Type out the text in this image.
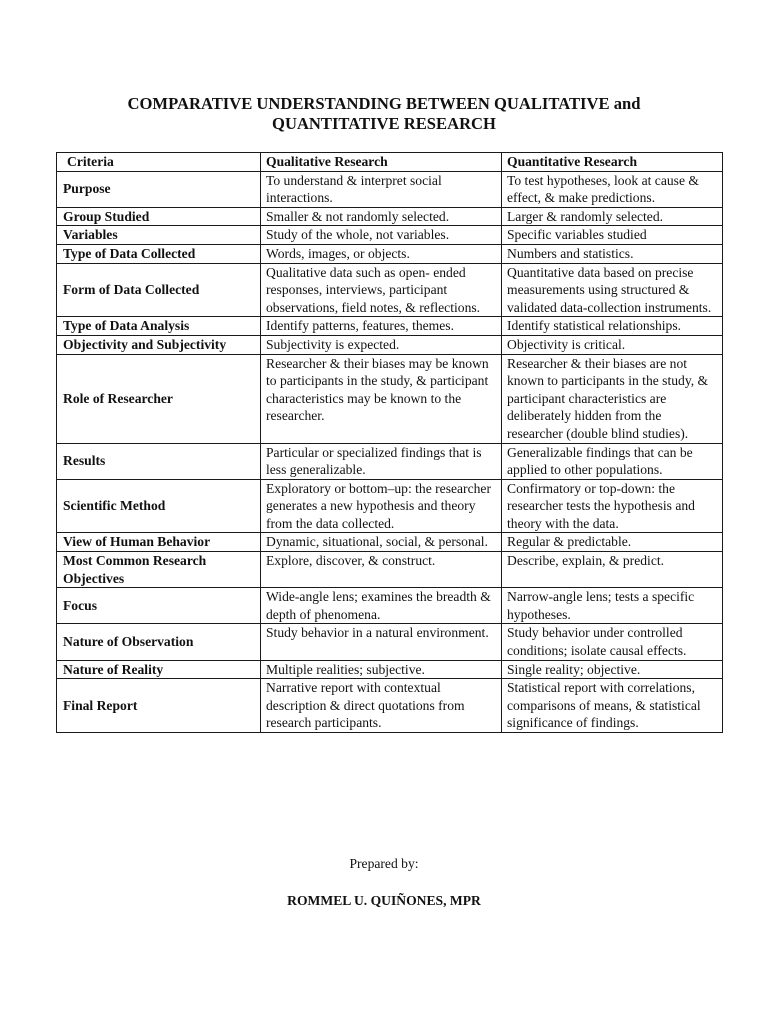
COMPARATIVE UNDERSTANDING BETWEEN QUALITATIVE and
QUANTITATIVE RESEARCH
Criteria	Qualitative Research	Quantitative Research
Purpose	To understand & interpret social interactions.	To test hypotheses, look at cause & effect, & make predictions.
Group Studied	Smaller & not randomly selected.	Larger & randomly selected.
Variables	Study of the whole, not variables.	Specific variables studied
Type of Data Collected	Words, images, or objects.	Numbers and statistics.
Form of Data Collected	Qualitative data such as open- ended responses, interviews, participant observations, field notes, & reflections.	Quantitative data based on precise measurements using structured & validated data-collection instruments.
Type of Data Analysis	Identify patterns, features, themes.	Identify statistical relationships.
Objectivity and Subjectivity	Subjectivity is expected.	Objectivity is critical.
Role of Researcher	Researcher & their biases may be known to participants in the study, & participant characteristics may be known to the researcher.	Researcher & their biases are not known to participants in the study, & participant characteristics are deliberately hidden from the researcher (double blind studies).
Results	Particular or specialized findings that is less generalizable.	Generalizable findings that can be applied to other populations.
Scientific Method	Exploratory or bottom–up: the researcher generates a new hypothesis and theory from the data collected.	Confirmatory or top-down: the researcher tests the hypothesis and theory with the data.
View of Human Behavior	Dynamic, situational, social, & personal.	Regular & predictable.
Most Common Research Objectives	Explore, discover, & construct.	Describe, explain, & predict.
Focus	Wide-angle lens; examines the breadth & depth of phenomena.	Narrow-angle lens; tests a specific hypotheses.
Nature of Observation	Study behavior in a natural environment.	Study behavior under controlled conditions; isolate causal effects.
Nature of Reality	Multiple realities; subjective.	Single reality; objective.
Final Report	Narrative report with contextual description & direct quotations from research participants.	Statistical report with correlations, comparisons of means, & statistical significance of findings.
Prepared by:
ROMMEL U. QUIÑONES, MPR
